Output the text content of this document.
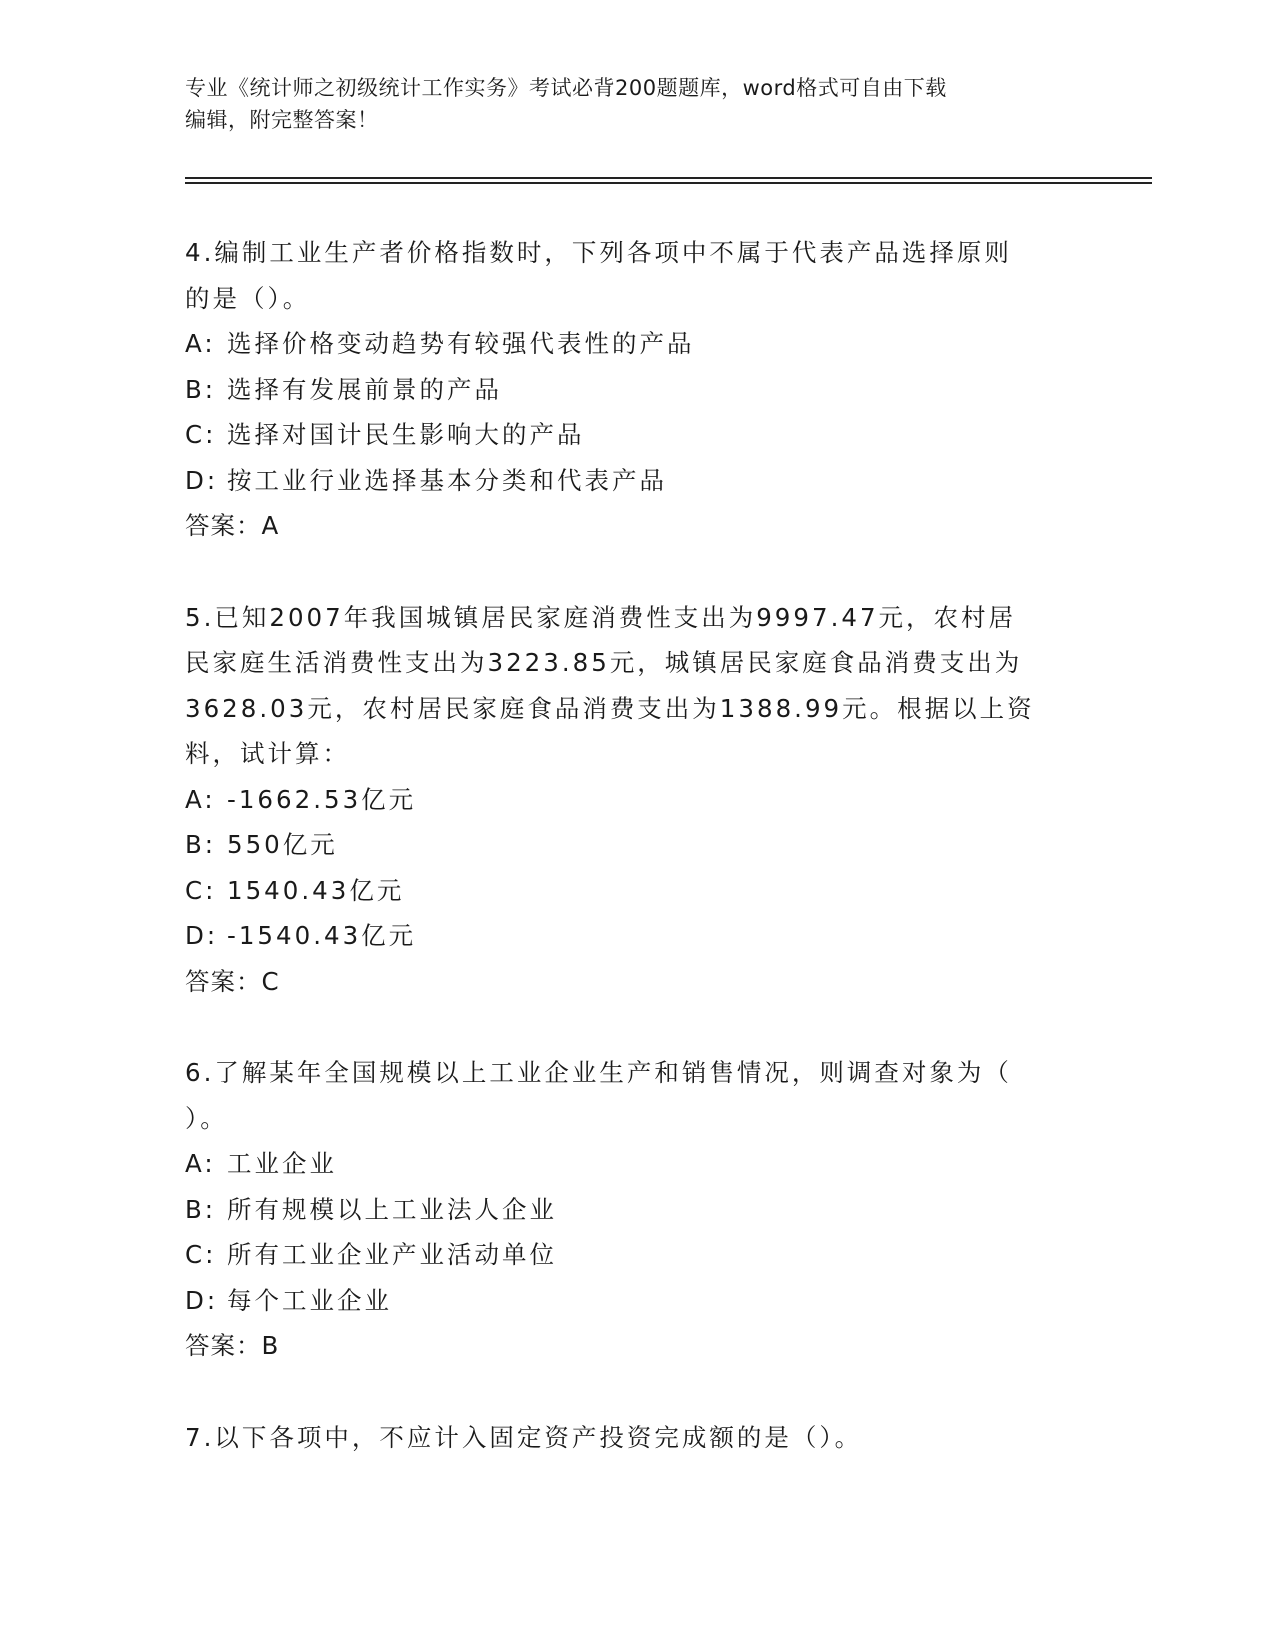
专业《统计师之初级统计工作实务》考试必背200题题库，word格式可自由下载
编辑，附完整答案！
4.编制工业生产者价格指数时，下列各项中不属于代表产品选择原则
的是（）。
A: 选择价格变动趋势有较强代表性的产品
B: 选择有发展前景的产品
C: 选择对国计民生影响大的产品
D: 按工业行业选择基本分类和代表产品
答案：A
5.已知2007年我国城镇居民家庭消费性支出为9997.47元，农村居
民家庭生活消费性支出为3223.85元，城镇居民家庭食品消费支出为
3628.03元，农村居民家庭食品消费支出为1388.99元。根据以上资
料，试计算：
A: -1662.53亿元
B: 550亿元
C: 1540.43亿元
D: -1540.43亿元
答案：C
6.了解某年全国规模以上工业企业生产和销售情况，则调查对象为（
）。
A: 工业企业
B: 所有规模以上工业法人企业
C: 所有工业企业产业活动单位
D: 每个工业企业
答案：B
7.以下各项中，不应计入固定资产投资完成额的是（）。
